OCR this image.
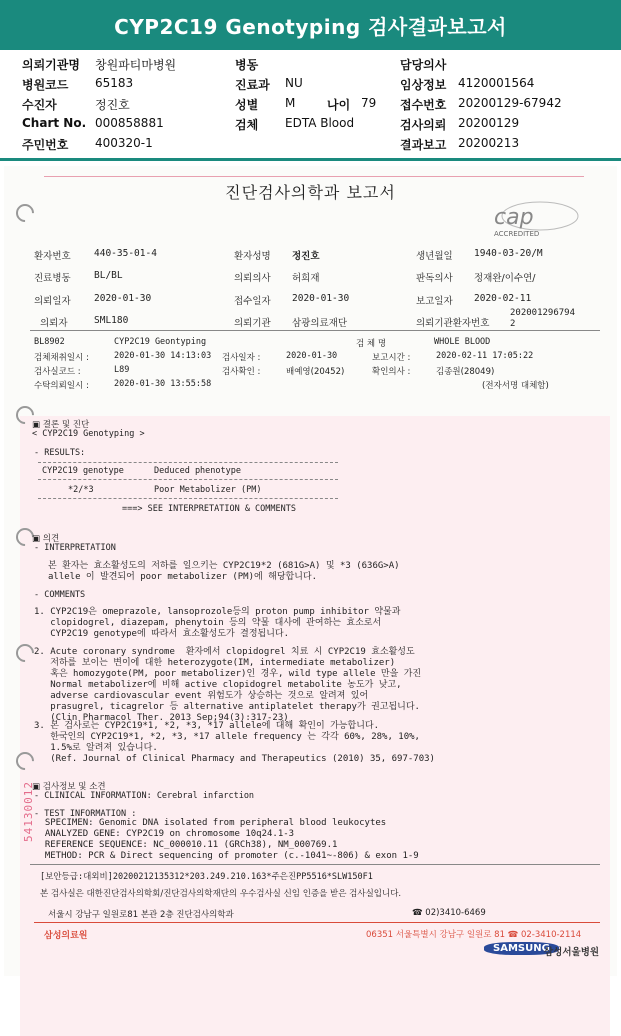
CYP2C19 Genotyping 검사결과보고서
의뢰기관명 창원파티마병원	병동	담당의사
병원코드 65183	진료과 NU	임상정보 4120001564
수진자	정진호	성별 M	나이 79 접수번호 20200129-67942
Chart No. 000858881	검체 EDTA Blood	검사의뢰 20200129
주민번호 400320-1	결과보고 20200213
진단검사의학과 보고서
cap
ACCREDITED
환자번호 440-35-01-4	환자성명 정진호	생년월일 1940-03-20/M
진료병동 BL/BL	의뢰의사 허희재	판독의사 정재완/이수연/
의뢰일자 2020-01-30	접수일자 2020-01-30	보고일자 2020-02-11
의뢰자	SML180	의뢰기관 삼광의료재단	의뢰기관환자번호
202001296794
2
BL8902	CYP2C19 Geontyping	검 체 명	WHOLE BLOOD
검체채취일시 :	2020-01-30 14:13:03 검사일자 :	2020-01-30	보고시간 :	2020-02-11 17:05:22
검사실코드 :	L89	검사확인 :	배예영(20452)	확인의사 :	김종원(28049)
수탁의뢰일시 :	2020-01-30 13:55:58	(전자서명 대체함)
▣ 결론 및 진단
< CYP2C19 Genotyping >
- RESULTS:
CYP2C19 genotype	Deduced phenotype
*2/*3	Poor Metabolizer (PM)
===> SEE INTERPRETATION & COMMENTS
▣ 의견
- INTERPRETATION
본 환자는 효소활성도의 저하를 일으키는 CYP2C19*2 (681G>A) 및 *3 (636G>A)
allele 이 발견되어 poor metabolizer (PM)에 해당합니다.
- COMMENTS
1. CYP2C19은 omeprazole, lansoprozole등의 proton pump inhibitor 약물과
clopidogrel, diazepam, phenytoin 등의 약물 대사에 관여하는 효소로서
CYP2C19 genotype에 따라서 효소활성도가 결정됩니다.
2. Acute coronary syndrome  환자에서 clopidogrel 치료 시 CYP2C19 효소활성도
저하를 보이는 변이에 대한 heterozygote(IM, intermediate metabolizer)
혹은 homozygote(PM, poor metabolizer)인 경우, wild type allele 만을 가진
Normal metabolizer에 비해 active clopidogrel metabolite 농도가 낮고,
adverse cardiovascular event 위험도가 상승하는 것으로 알려져 있어
prasugrel, ticagrelor 등 alternative antiplatelet therapy가 권고됩니다.
(Clin Pharmacol Ther. 2013 Sep;94(3):317-23)
3. 본 검사로는 CYP2C19*1, *2, *3, *17 allele에 대해 확인이 가능합니다.
한국인의 CYP2C19*1, *2, *3, *17 allele frequency 는 각각 60%, 28%, 10%,
1.5%로 알려져 있습니다.
(Ref. Journal of Clinical Pharmacy and Therapeutics (2010) 35, 697-703)
▣ 검사정보 및 소견
- CLINICAL INFORMATION: Cerebral infarction
- TEST INFORMATION :
SPECIMEN: Genomic DNA isolated from peripheral blood leukocytes
ANALYZED GENE: CYP2C19 on chromosome 10q24.1-3
REFERENCE SEQUENCE: NC_000010.11 (GRCh38), NM_000769.1
METHOD: PCR & Direct sequencing of promoter (c.-1041~-806) & exon 1-9
54130012
[보안등급:대외비]20200212135312*203.249.210.163*주은진PP5516*SLW150F1
본 검사실은 대한진단검사의학회/진단검사의학재단의 우수검사실 신임 인증을 받은 검사실입니다.
서울시 강남구 일원로81 본관 2층 진단검사의학과	☎ 02)3410-6469
삼성의료원	06351 서울특별시 강남구 일원로 81 ☎ 02-3410-2114
SAMSUNG
삼성서울병원
